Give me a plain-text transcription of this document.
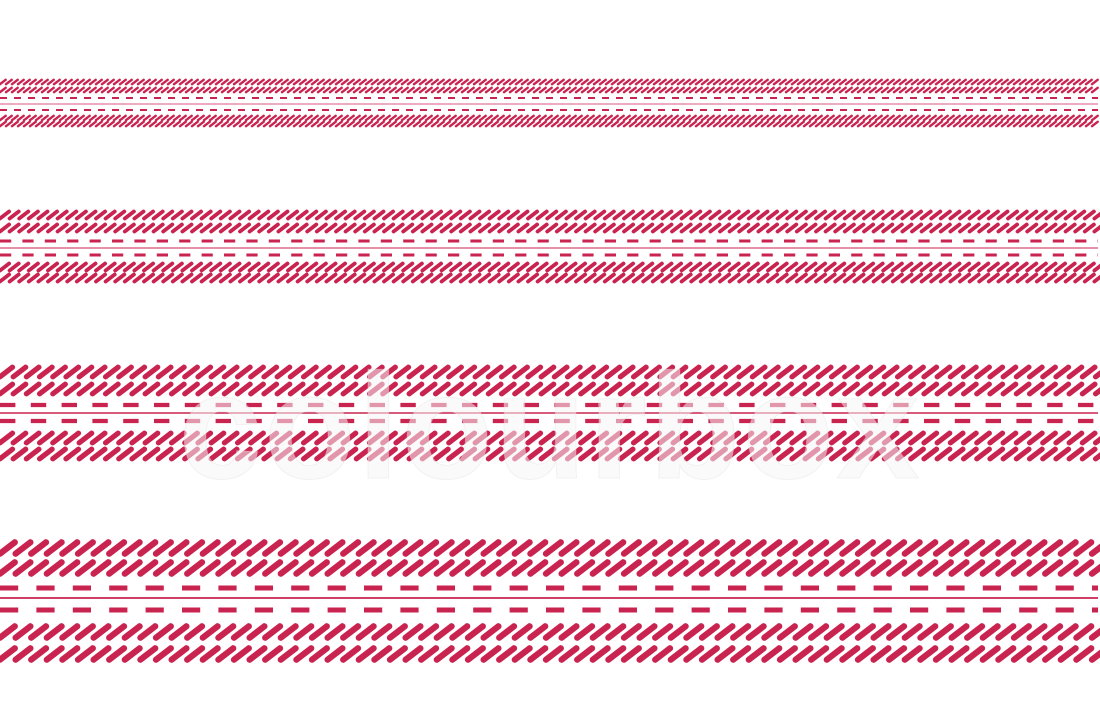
colourbox
